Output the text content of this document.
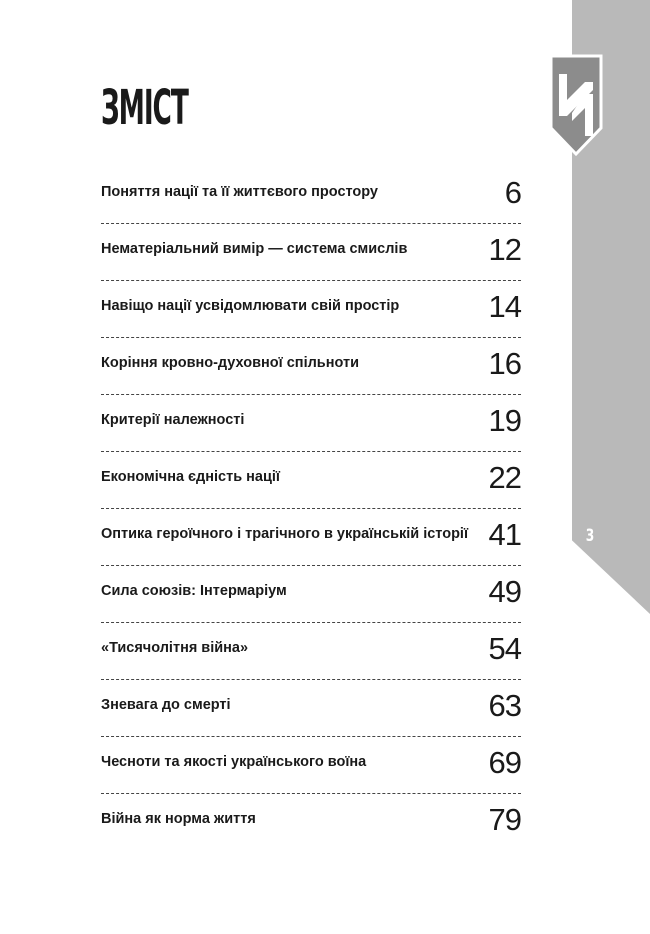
3
ЗМІСТ
Поняття нації та її життєвого простору	6
Нематеріальний вимір — система смислів	12
Навіщо нації усвідомлювати свій простір	14
Коріння кровно-духовної спільноти	16
Критерії належності	19
Економічна єдність нації	22
Оптика героїчного і трагічного в українській історії 41
Сила союзів: Інтермаріум	49
«Тисячолітня війна»	54
Зневага до смерті	63
Чесноти та якості українського воїна	69
Війна як норма життя	79
